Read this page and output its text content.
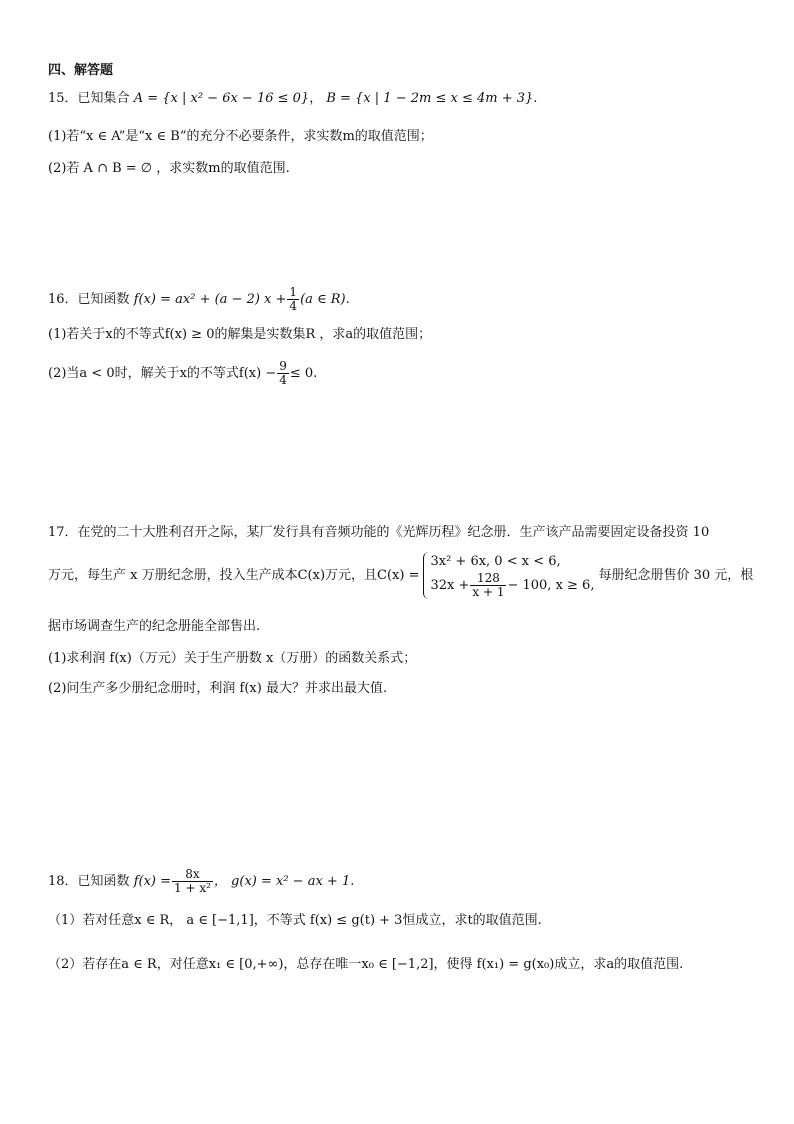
四、解答题
15．已知集合 A = {x | x² − 6x − 16 ≤ 0}， B = {x | 1 − 2m ≤ x ≤ 4m + 3}.
(1)若“x ∈ A”是“x ∈ B”的充分不必要条件，求实数m的取值范围；
(2)若 A ∩ B = ∅ ，求实数m的取值范围.
16．已知函数 f(x) = ax² + (a − 2) $x + \frac{1}{4} (a$ ∈ R).
(1)若关于x的不等式f(x) ≥ 0的解集是实数集R ，求a的取值范围；
(2)当a < 0时，解关于x的不等式$f(x) - \frac{9}{4} \le 0$.
17．在党的二十大胜利召开之际，某厂发行具有音频功能的《光辉历程》纪念册．生产该产品需要固定设备投资 10
万元，每生产 x 万册纪念册，投入生产成本C(x)万元，且C(x) =
3x² + 6x, 0 < x < 6,
$32x + \frac{128}{x + 1} - 100$, x ≥ 6,
每册纪念册售价 30 元，根
据市场调查生产的纪念册能全部售出.
(1)求利润 f(x)（万元）关于生产册数 x（万册）的函数关系式；
(2)问生产多少册纪念册时，利润 f(x) 最大？并求出最大值.
18．已知函数 $f(x) = \frac{8x}{\text{1 + x²}}$ ， g(x) = x² − ax + 1.
（1）若对任意x ∈ R， a ∈ [−1,1]，不等式 f(x) ≤ g(t) + 3恒成立，求t的取值范围.
（2）若存在a ∈ R，对任意x₁ ∈ [0,+∞)，总存在唯一x₀ ∈ [−1,2]，使得 f(x₁) = g(x₀)成立，求a的取值范围.
